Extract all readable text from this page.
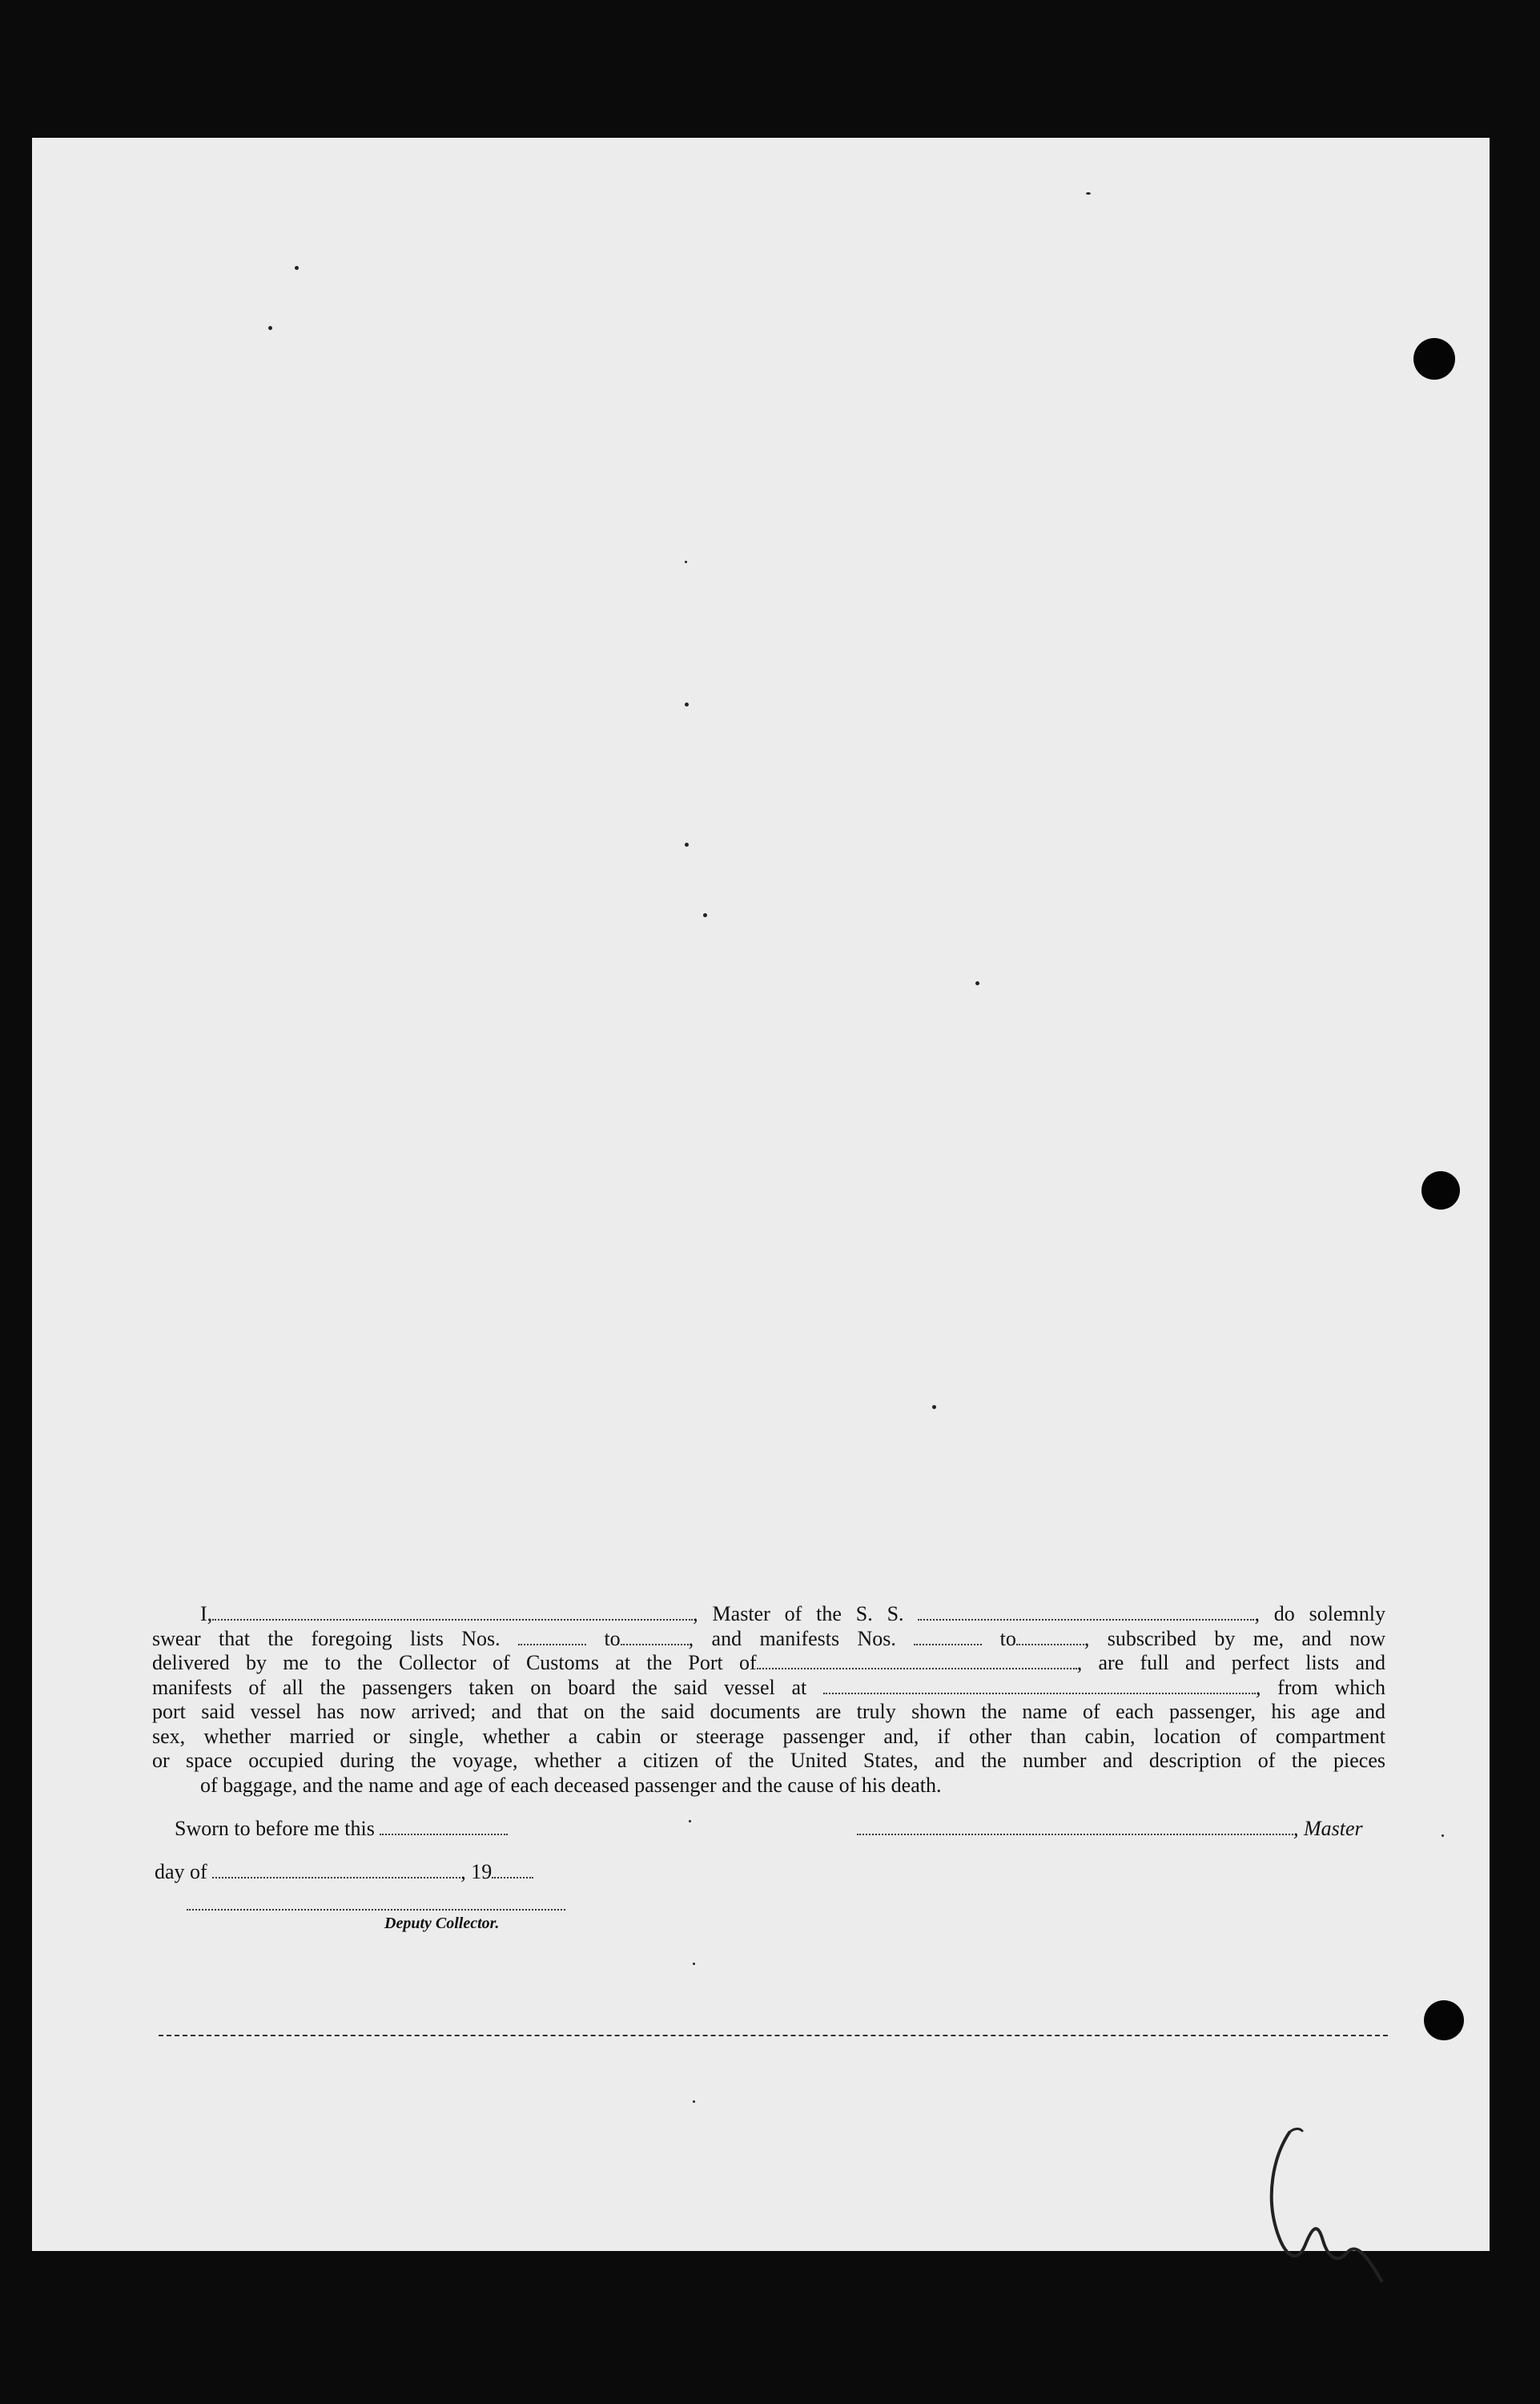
I,	, Master of the S. S.	, do solemnly

swear that the foregoing lists Nos.	to	, and manifests Nos.	to	, subscribed by me, and now

delivered by me to the Collector of Customs at the Port of	, are full and perfect lists and

manifests of all the passengers taken on board the said vessel at	, from which

port said vessel has now arrived; and that on the said documents are truly shown the name of each passenger, his age and

sex, whether married or single, whether a cabin or steerage passenger and, if other than cabin, location of compartment

or space occupied during the voyage, whether a citizen of the United States, and the number and description of the pieces

of baggage, and the name and age of each deceased passenger and the cause of his death.

Sworn to before me this	, Master
day of	, 19
Deputy Collector.
